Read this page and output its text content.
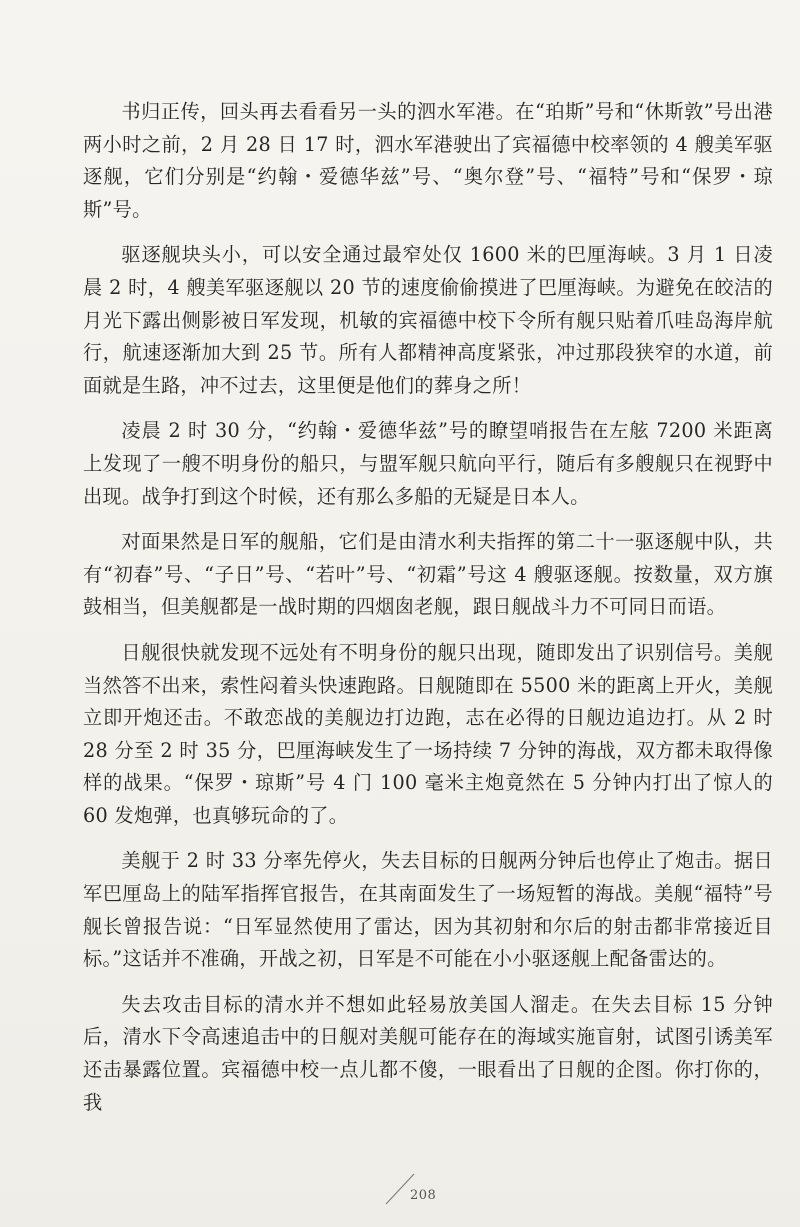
书归正传，回头再去看看另一头的泗水军港。在“珀斯”号和“休斯敦”号出港两小时之前，2 月 28 日 17 时，泗水军港驶出了宾福德中校率领的 4 艘美军驱逐舰，它们分别是“约翰・爱德华兹”号、“奥尔登”号、“福特”号和“保罗・琼斯”号。

驱逐舰块头小，可以安全通过最窄处仅 1600 米的巴厘海峡。3 月 1 日凌晨 2 时，4 艘美军驱逐舰以 20 节的速度偷偷摸进了巴厘海峡。为避免在皎洁的月光下露出侧影被日军发现，机敏的宾福德中校下令所有舰只贴着爪哇岛海岸航行，航速逐渐加大到 25 节。所有人都精神高度紧张，冲过那段狭窄的水道，前面就是生路，冲不过去，这里便是他们的葬身之所！

凌晨 2 时 30 分，“约翰・爱德华兹”号的瞭望哨报告在左舷 7200 米距离上发现了一艘不明身份的船只，与盟军舰只航向平行，随后有多艘舰只在视野中出现。战争打到这个时候，还有那么多船的无疑是日本人。

对面果然是日军的舰船，它们是由清水利夫指挥的第二十一驱逐舰中队，共有“初春”号、“子日”号、“若叶”号、“初霜”号这 4 艘驱逐舰。按数量，双方旗鼓相当，但美舰都是一战时期的四烟囱老舰，跟日舰战斗力不可同日而语。

日舰很快就发现不远处有不明身份的舰只出现，随即发出了识别信号。美舰当然答不出来，索性闷着头快速跑路。日舰随即在 5500 米的距离上开火，美舰立即开炮还击。不敢恋战的美舰边打边跑，志在必得的日舰边追边打。从 2 时 28 分至 2 时 35 分，巴厘海峡发生了一场持续 7 分钟的海战，双方都未取得像样的战果。“保罗・琼斯”号 4 门 100 毫米主炮竟然在 5 分钟内打出了惊人的 60 发炮弹，也真够玩命的了。

美舰于 2 时 33 分率先停火，失去目标的日舰两分钟后也停止了炮击。据日军巴厘岛上的陆军指挥官报告，在其南面发生了一场短暂的海战。美舰“福特”号舰长曾报告说：“日军显然使用了雷达，因为其初射和尔后的射击都非常接近目标。”这话并不准确，开战之初，日军是不可能在小小驱逐舰上配备雷达的。

失去攻击目标的清水并不想如此轻易放美国人溜走。在失去目标 15 分钟后，清水下令高速追击中的日舰对美舰可能存在的海域实施盲射，试图引诱美军还击暴露位置。宾福德中校一点儿都不傻，一眼看出了日舰的企图。你打你的，我

208
